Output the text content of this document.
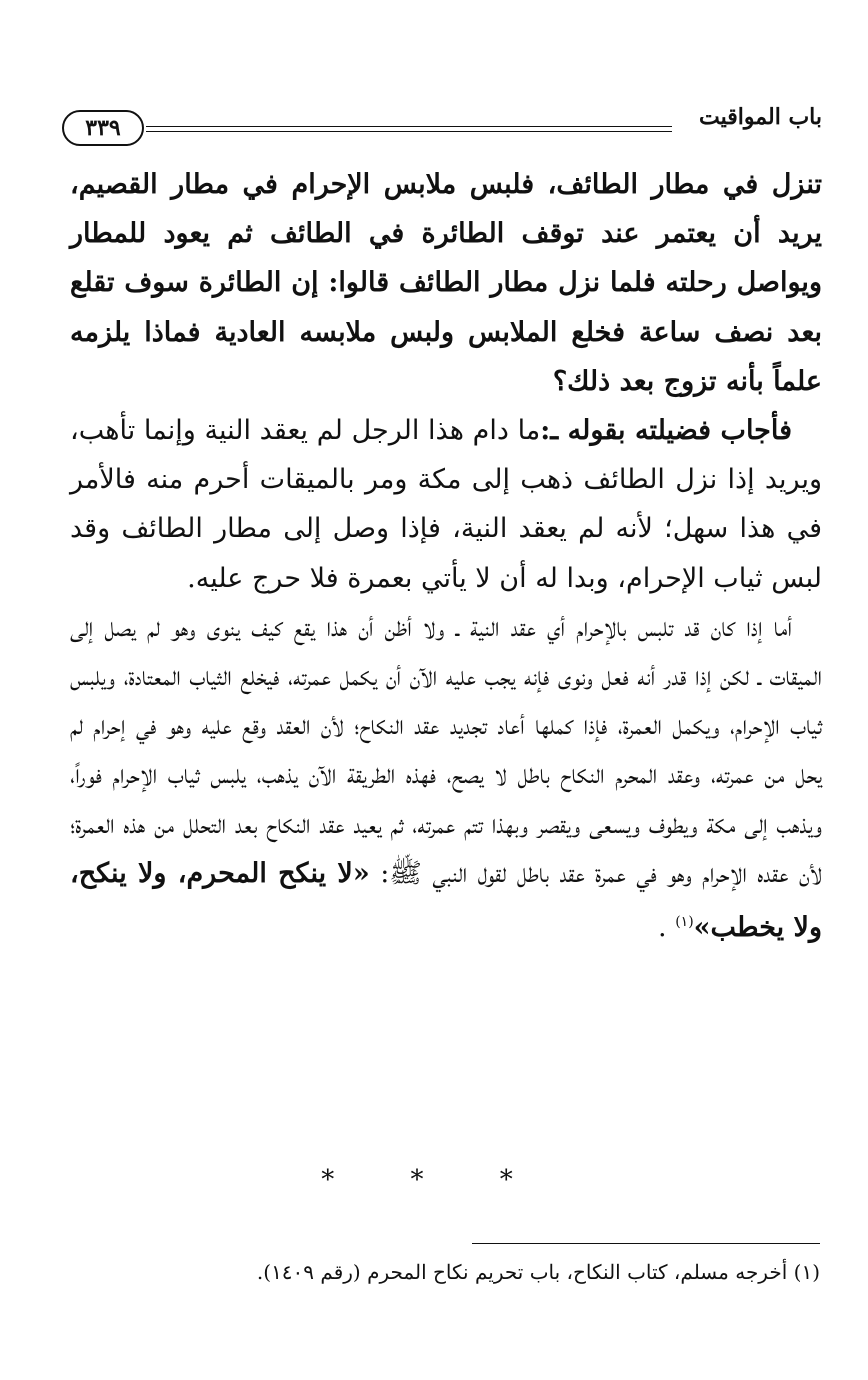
باب المواقيت
٣٣٩

تنزل في مطار الطائف، فلبس ملابس الإحرام في مطار القصيم، يريد أن يعتمر عند توقف الطائرة في الطائف ثم يعود للمطار ويواصل رحلته فلما نزل مطار الطائف قالوا: إن الطائرة سوف تقلع بعد نصف ساعة فخلع الملابس ولبس ملابسه العادية فماذا يلزمه علماً بأنه تزوج بعد ذلك؟

فأجاب فضيلته بقوله ـ:ما دام هذا الرجل لم يعقد النية وإنما تأهب، ويريد إذا نزل الطائف ذهب إلى مكة ومر بالميقات أحرم منه فالأمر في هذا سهل؛ لأنه لم يعقد النية، فإذا وصل إلى مطار الطائف وقد لبس ثياب الإحرام، وبدا له أن لا يأتي بعمرة فلا حرج عليه.

أما إذا كان قد تلبس بالإحرام أي عقد النية ـ ولا أظن أن هذا يقع كيف ينوى وهو لم يصل إلى الميقات ـ لكن إذا قدر أنه فعل ونوى فإنه يجب عليه الآن أن يكمل عمرته، فيخلع الثياب المعتادة، ويلبس ثياب الإحرام، ويكمل العمرة، فإذا كملها أعاد تجديد عقد النكاح؛ لأن العقد وقع عليه وهو في إحرام لم يحل من عمرته، وعقد المحرم النكاح باطل لا يصح، فهذه الطريقة الآن يذهب، يلبس ثياب الإحرام فوراً، ويذهب إلى مكة ويطوف ويسعى ويقصر وبهذا تتم عمرته، ثم يعيد عقد النكاح بعد التحلل من هذه العمرة؛ لأن عقده الإحرام وهو في عمرة عقد باطل لقول النبي ﷺ: «لا ينكح المحرم، ولا ينكح، ولا يخطب»$^{(١)}$ .

* * *
(١) أخرجه مسلم، كتاب النكاح، باب تحريم نكاح المحرم (رقم ١٤٠٩).
